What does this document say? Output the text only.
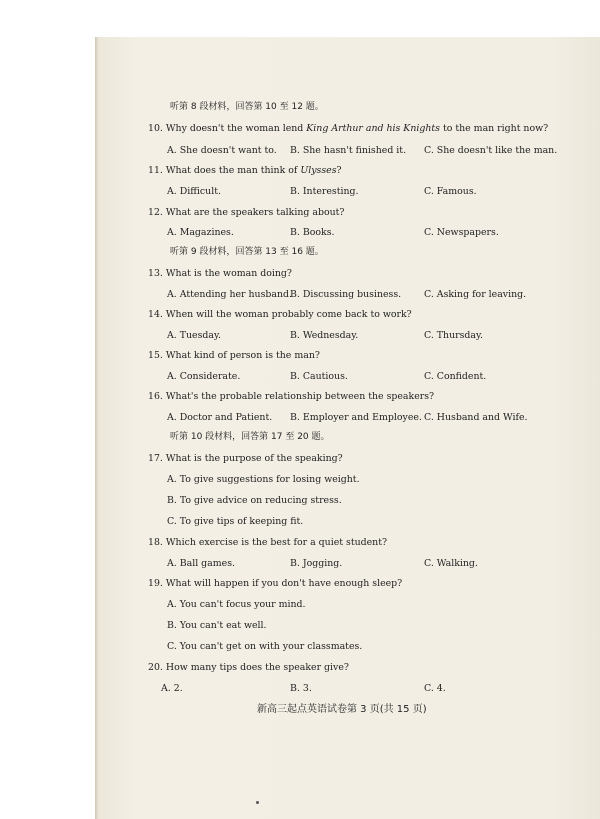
听第 8 段材料，回答第 10 至 12 题。
10. Why doesn't the woman lend King Arthur and his Knights to the man right now?
A. She doesn't want to. B. She hasn't finished it. C. She doesn't like the man.
11. What does the man think of Ulysses?
A. Difficult.	B. Interesting.	C. Famous.
12. What are the speakers talking about?
A. Magazines.	B. Books.	C. Newspapers.
听第 9 段材料，回答第 13 至 16 题。
13. What is the woman doing?
A. Attending her husband.
B. Discussing business. C. Asking for leaving.
14. When will the woman probably come back to work?
A. Tuesday.	B. Wednesday.	C. Thursday.
15. What kind of person is the man?
A. Considerate.	B. Cautious.	C. Confident.
16. What's the probable relationship between the speakers?
A. Doctor and Patient. B. Employer and Employee. C. Husband and Wife.
听第 10 段材料，回答第 17 至 20 题。
17. What is the purpose of the speaking?
A. To give suggestions for losing weight.
B. To give advice on reducing stress.
C. To give tips of keeping fit.
18. Which exercise is the best for a quiet student?
A. Ball games.	B. Jogging.	C. Walking.
19. What will happen if you don't have enough sleep?
A. You can't focus your mind.
B. You can't eat well.
C. You can't get on with your classmates.
20. How many tips does the speaker give?
A. 2.	B. 3.	C. 4.
新高三起点英语试卷第 3 页(共 15 页)
